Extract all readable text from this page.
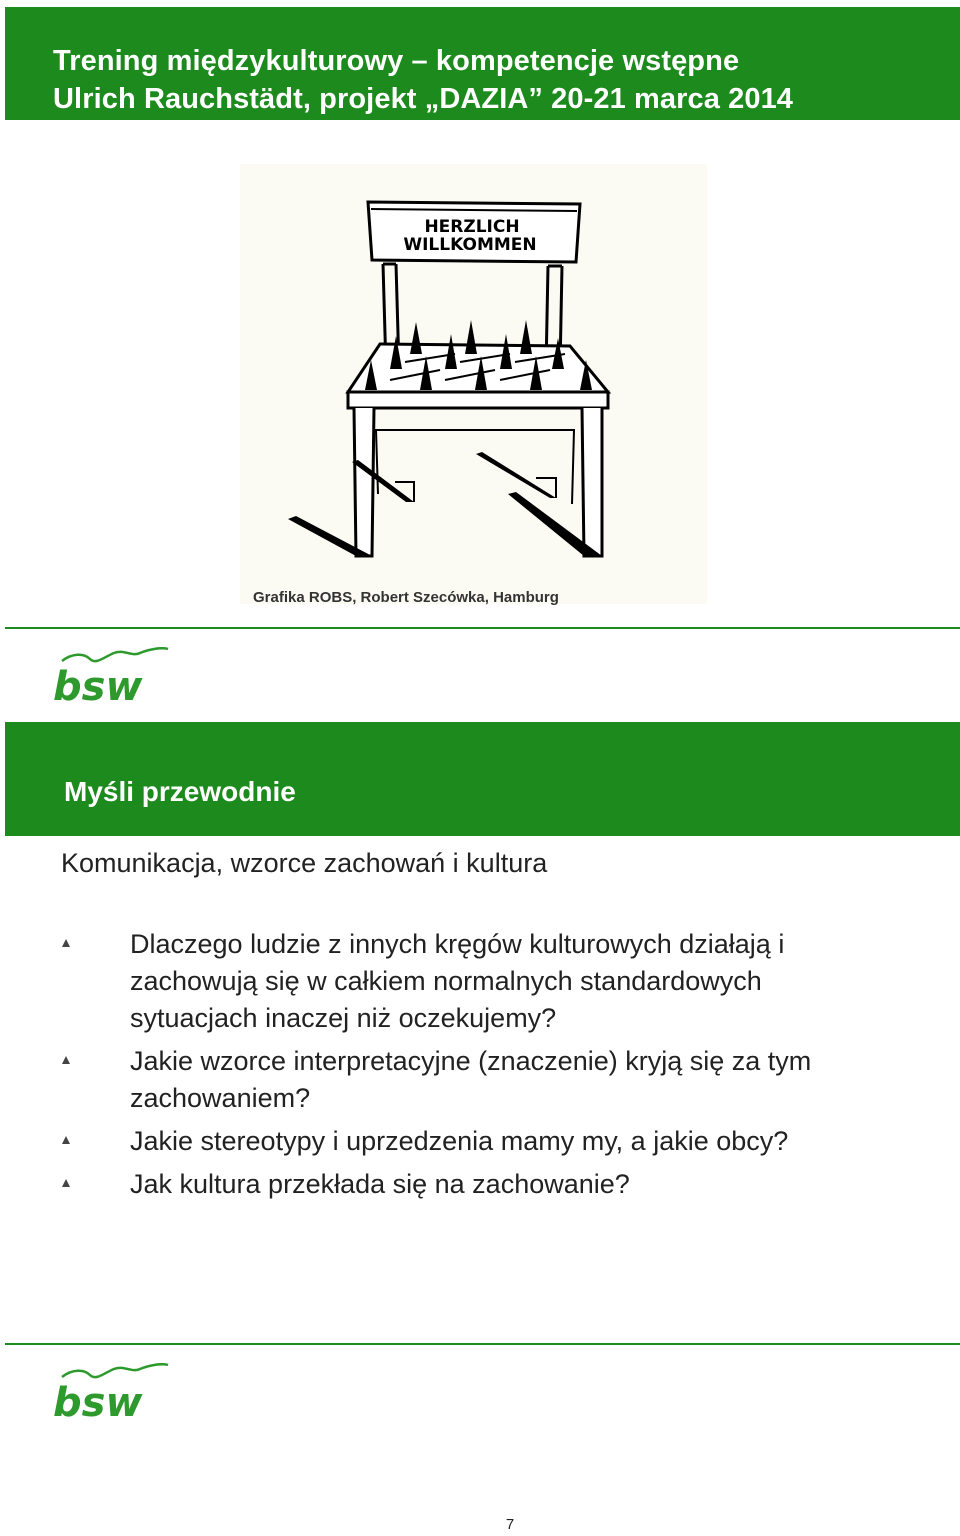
Trening międzykulturowy – kompetencje wstępne
Ulrich Rauchstädt, projekt „DAZIA” 20-21 marca 2014
HERZLICH
WILLKOMMEN

Grafika ROBS, Robert Szecówka, Hamburg

bsw
Myśli przewodnie

Komunikacja, wzorce zachowań i kultura

Dlaczego ludzie z innych kręgów kulturowych działają i zachowują się w całkiem normalnych standardowych sytuacjach inaczej niż oczekujemy?
Jakie wzorce interpretacyjne (znaczenie) kryją się za tym zachowaniem?
Jakie stereotypy i uprzedzenia mamy my, a jakie obcy?
Jak kultura przekłada się na zachowanie?
bsw

7
